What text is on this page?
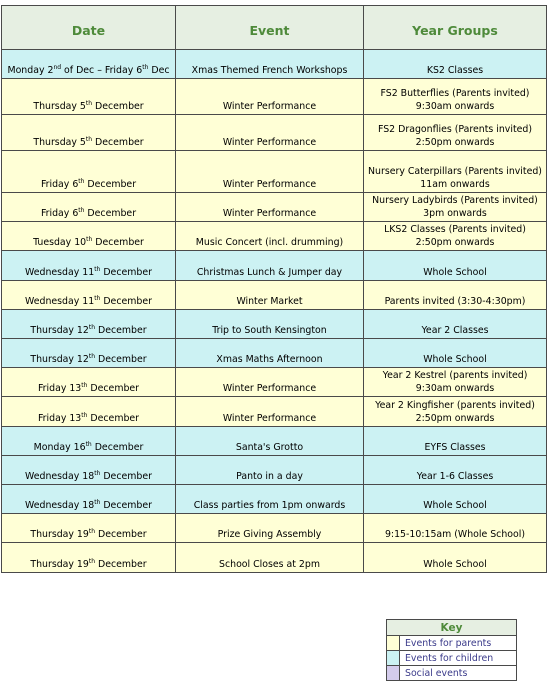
Date	Event	Year Groups
Monday 2nd of Dec – Friday 6th Dec	Xmas Themed French Workshops	KS2 Classes

Thursday 5th December	Winter Performance	FS2 Butterflies (Parents invited)
9:30am onwards

Thursday 5th December	Winter Performance	FS2 Dragonflies (Parents invited)
2:50pm onwards

Friday 6th December	Winter Performance	Nursery Caterpillars (Parents invited)
11am onwards

Friday 6th December	Winter Performance	Nursery Ladybirds (Parents invited)
3pm onwards

Tuesday 10th December	Music Concert (incl. drumming)	LKS2 Classes (Parents invited)
2:50pm onwards

Wednesday 11th December	Christmas Lunch & Jumper day	Whole School

Wednesday 11th December	Winter Market	Parents invited (3:30-4:30pm)

Thursday 12th December	Trip to South Kensington	Year 2 Classes

Thursday 12th December	Xmas Maths Afternoon	Whole School

Friday 13th December	Winter Performance	Year 2 Kestrel (parents invited)
9:30am onwards

Friday 13th December	Winter Performance	Year 2 Kingfisher (parents invited)
2:50pm onwards

Monday 16th December	Santa's Grotto	EYFS Classes

Wednesday 18th December	Panto in a day	Year 1-6 Classes

Wednesday 18th December	Class parties from 1pm onwards	Whole School

Thursday 19th December	Prize Giving Assembly	9:15-10:15am (Whole School)

Thursday 19th December	School Closes at 2pm	Whole School
Key
Events for parents
Events for children
Social events
